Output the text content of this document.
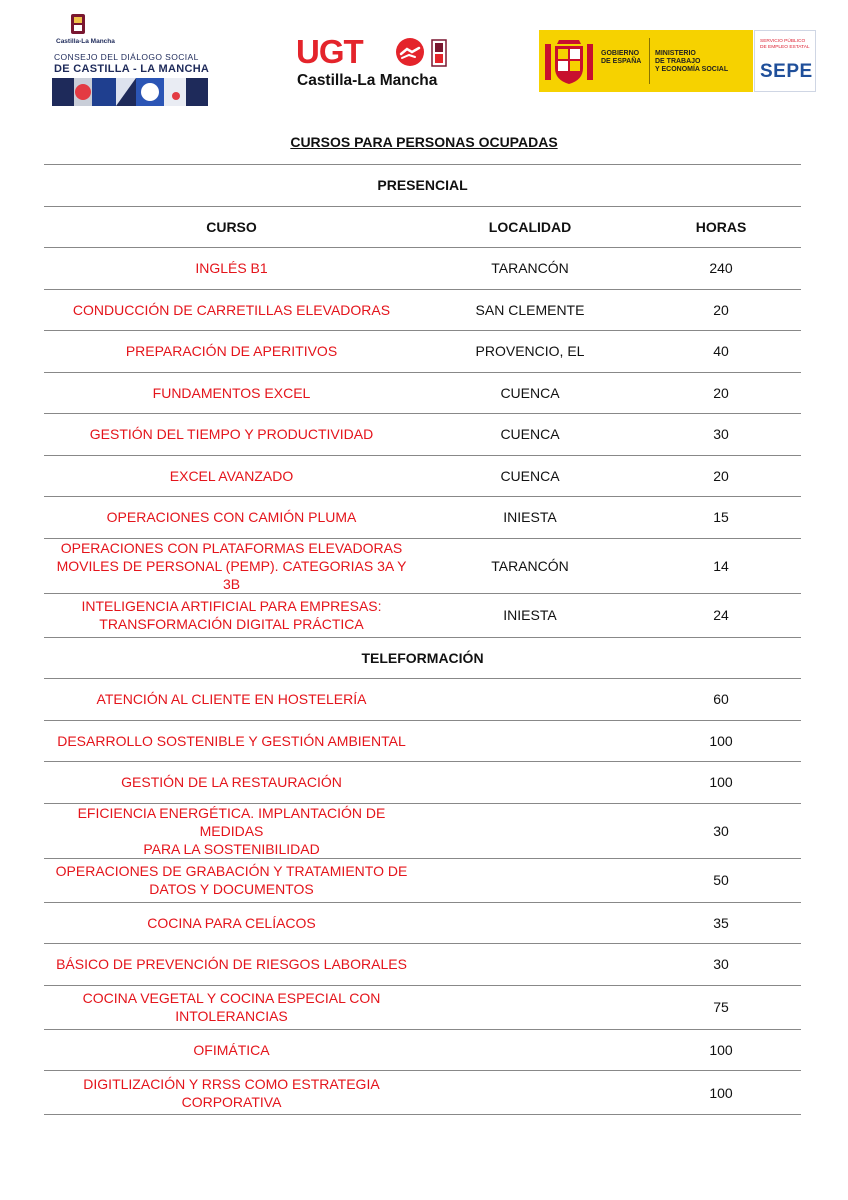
Castilla-La Mancha
CONSEJO DEL DIÁLOGO SOCIAL
DE CASTILLA - LA MANCHA	UGT
Castilla-La Mancha
GOBIERNO
DE ESPAÑA
MINISTERIO
DE TRABAJO
Y ECONOMÍA SOCIAL
SERVICIO PÚBLICO
DE EMPLEO ESTATAL
SEPE
CURSOS PARA PERSONAS OCUPADAS
PRESENCIAL		
CURSO	LOCALIDAD	HORAS

INGLÉS B1	TARANCÓN	240

CONDUCCIÓN DE CARRETILLAS ELEVADORAS	SAN CLEMENTE	20

PREPARACIÓN DE APERITIVOS	PROVENCIO, EL	40

FUNDAMENTOS EXCEL	CUENCA	20

GESTIÓN DEL TIEMPO Y PRODUCTIVIDAD	CUENCA	30

EXCEL AVANZADO	CUENCA	20

OPERACIONES CON CAMIÓN PLUMA	INIESTA	15

OPERACIONES CON PLATAFORMAS ELEVADORAS
MOVILES DE PERSONAL (PEMP). CATEGORIAS 3A Y 3B	TARANCÓN	14

INTELIGENCIA ARTIFICIAL PARA EMPRESAS:
TRANSFORMACIÓN DIGITAL PRÁCTICA	INIESTA	24
TELEFORMACIÓN		

ATENCIÓN AL CLIENTE EN HOSTELERÍA		60

DESARROLLO SOSTENIBLE Y GESTIÓN AMBIENTAL		100

GESTIÓN DE LA RESTAURACIÓN		100

EFICIENCIA ENERGÉTICA. IMPLANTACIÓN DE MEDIDAS
PARA LA SOSTENIBILIDAD		30

OPERACIONES DE GRABACIÓN Y TRATAMIENTO DE
DATOS Y DOCUMENTOS		50

COCINA PARA CELÍACOS		35

BÁSICO DE PREVENCIÓN DE RIESGOS LABORALES		30

COCINA VEGETAL Y COCINA ESPECIAL CON
INTOLERANCIAS		75

OFIMÁTICA		100

DIGITLIZACIÓN Y RRSS COMO ESTRATEGIA
CORPORATIVA		100
